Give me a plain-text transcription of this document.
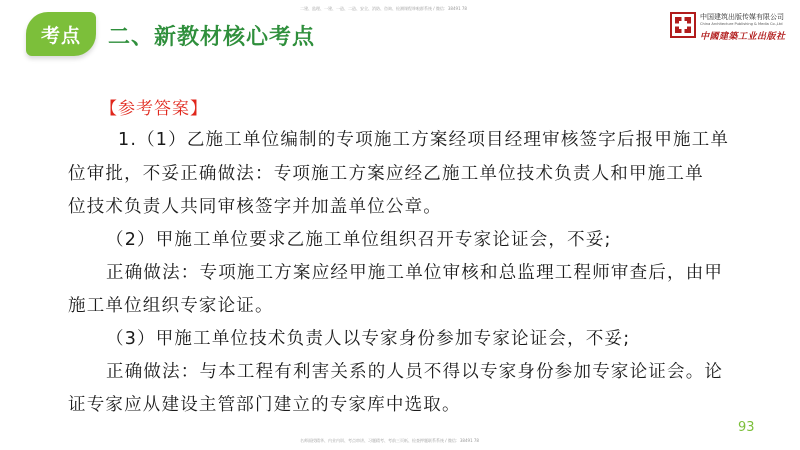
二建、监理、一建、一造、二造、安全、消防、咨询、检测课程哆啦群系统 / 微信：38491 78
考点	二、新教材核心考点
中国建筑出版传媒有限公司
China Architecture Publishing & Media Co.,Ltd
中國建築工业出版社
【参考答案】
1.（1）乙施工单位编制的专项施工方案经项目经理审核签字后报甲施工单
位审批，不妥正确做法：专项施工方案应经乙施工单位技术负责人和甲施工单
位技术负责人共同审核签字并加盖单位公章。
（2）甲施工单位要求乙施工单位组织召开专家论证会，不妥;
正确做法：专项施工方案应经甲施工单位审核和总监理工程师审查后，由甲
施工单位组织专家论证。
（3）甲施工单位技术负责人以专家身份参加专家论证会，不妥;
正确做法：与本工程有利害关系的人员不得以专家身份参加专家论证会。论
证专家应从建设主管部门建立的专家库中选取。
93
名师面授精华、内业内训、考点串讲、习题精考、考前三页纸、检查押题联系系统 / 微信：38491 78
